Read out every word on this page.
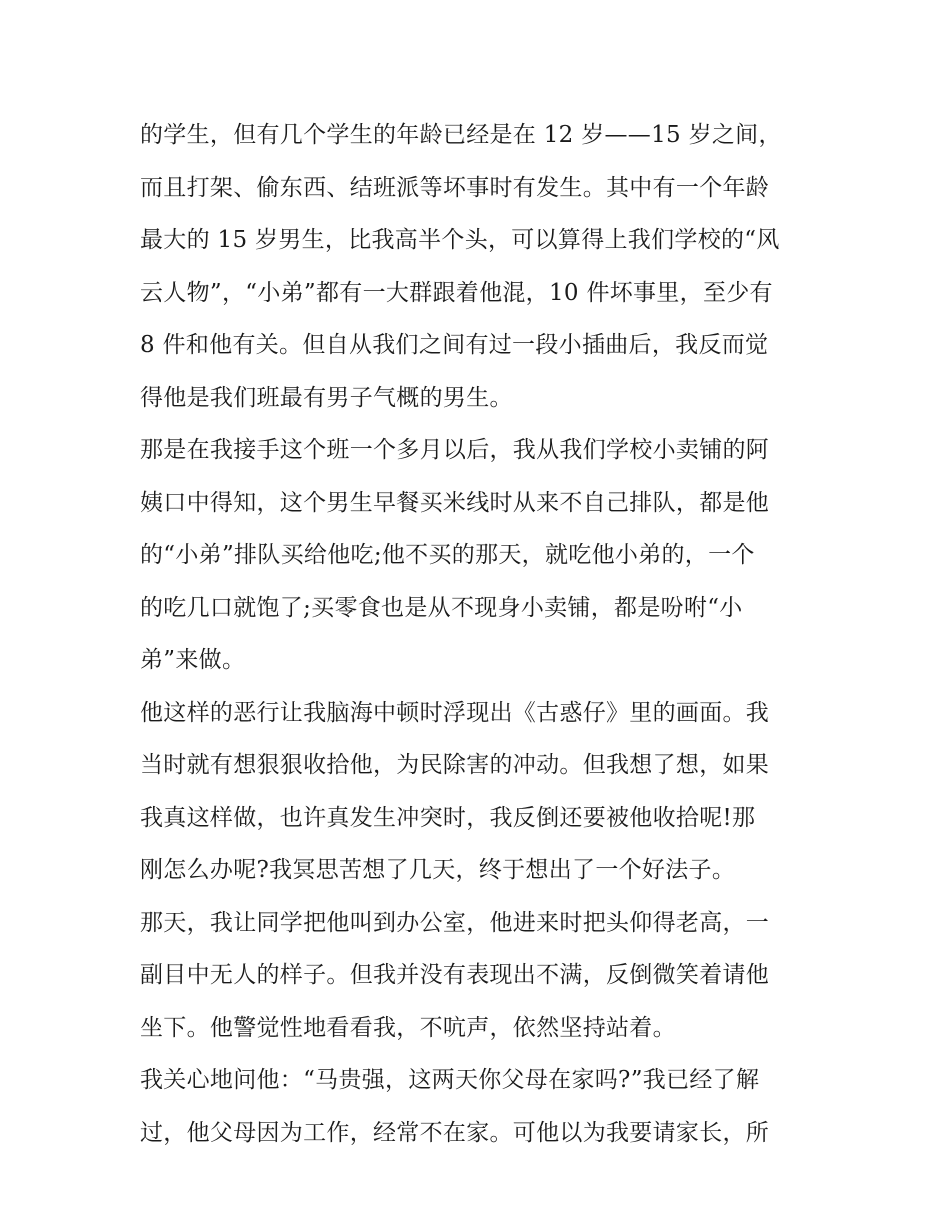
的学生，但有几个学生的年龄已经是在 12 岁——15 岁之间，
而且打架、偷东西、结班派等坏事时有发生。其中有一个年龄
最大的 15 岁男生，比我高半个头，可以算得上我们学校的“风
云人物”，“小弟”都有一大群跟着他混，10 件坏事里，至少有
8 件和他有关。但自从我们之间有过一段小插曲后，我反而觉
得他是我们班最有男子气概的男生。
那是在我接手这个班一个多月以后，我从我们学校小卖铺的阿
姨口中得知，这个男生早餐买米线时从来不自己排队，都是他
的“小弟”排队买给他吃;他不买的那天，就吃他小弟的，一个
的吃几口就饱了;买零食也是从不现身小卖铺，都是吩咐“小
弟”来做。
他这样的恶行让我脑海中顿时浮现出《古惑仔》里的画面。我
当时就有想狠狠收拾他，为民除害的冲动。但我想了想，如果
我真这样做，也许真发生冲突时，我反倒还要被他收拾呢!那
刚怎么办呢?我冥思苦想了几天，终于想出了一个好法子。
那天，我让同学把他叫到办公室，他进来时把头仰得老高，一
副目中无人的样子。但我并没有表现出不满，反倒微笑着请他
坐下。他警觉性地看看我，不吭声，依然坚持站着。
我关心地问他：“马贵强，这两天你父母在家吗?”我已经了解
过，他父母因为工作，经常不在家。可他以为我要请家长，所
